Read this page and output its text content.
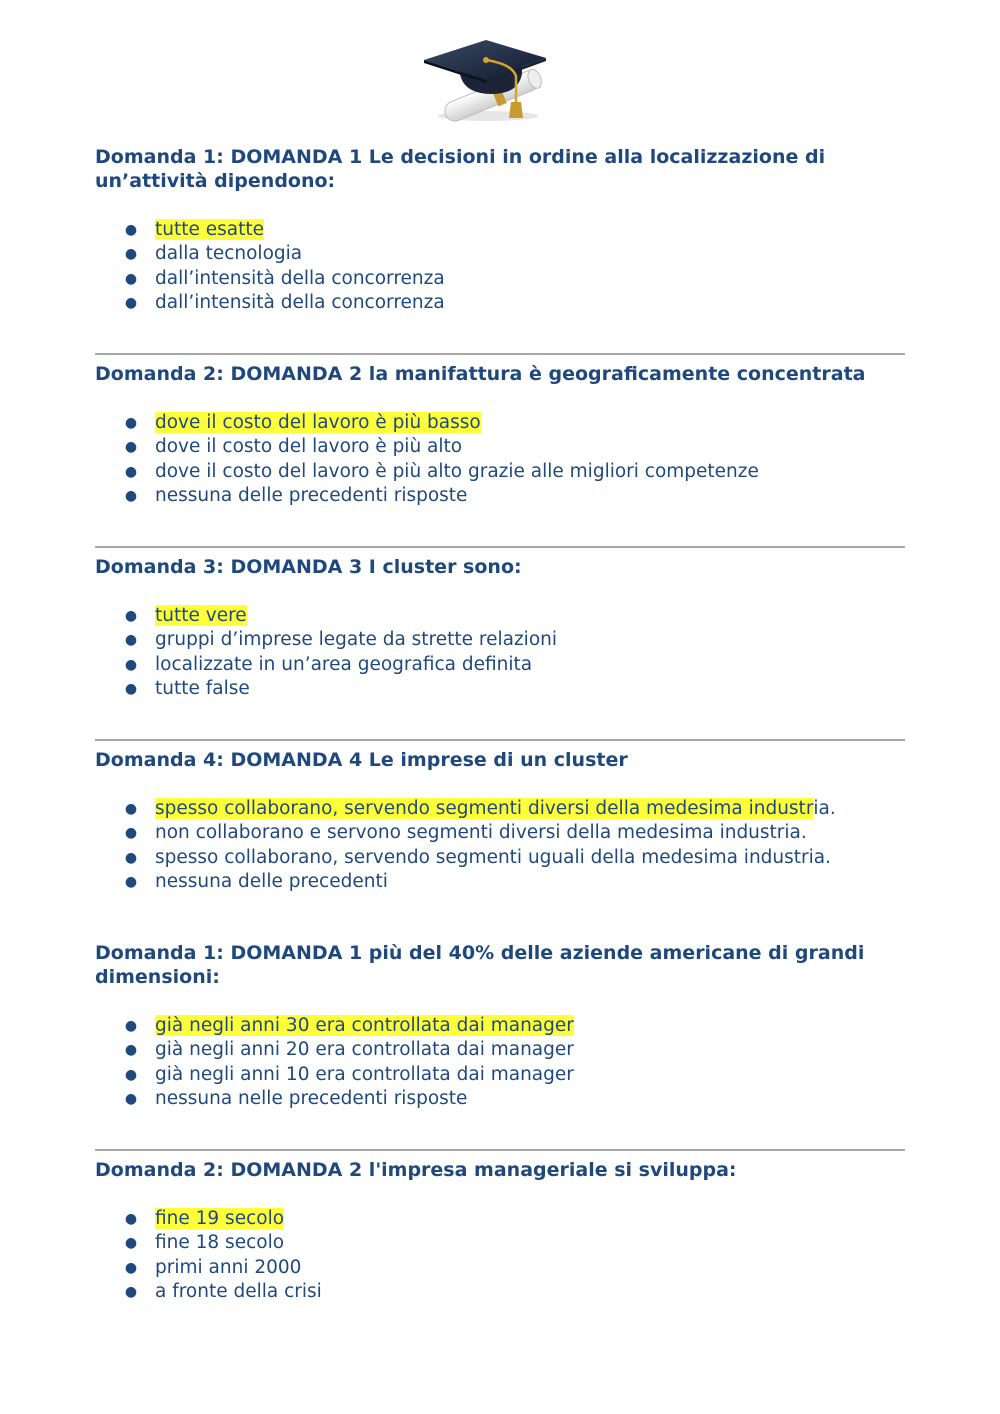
Domanda 1: DOMANDA 1 Le decisioni in ordine alla localizzazione di un’attività dipendono:
● tutte esatte
● dalla tecnologia
● dall’intensità della concorrenza
● dall’intensità della concorrenza
Domanda 2: DOMANDA 2 la manifattura è geograficamente concentrata
● dove il costo del lavoro è più basso
● dove il costo del lavoro è più alto
● dove il costo del lavoro è più alto grazie alle migliori competenze
● nessuna delle precedenti risposte
Domanda 3: DOMANDA 3 I cluster sono:
● tutte vere
● gruppi d’imprese legate da strette relazioni
● localizzate in un’area geografica definita
● tutte false
Domanda 4: DOMANDA 4 Le imprese di un cluster
● spesso collaborano, servendo segmenti diversi della medesima industria.
● non collaborano e servono segmenti diversi della medesima industria.
● spesso collaborano, servendo segmenti uguali della medesima industria.
● nessuna delle precedenti
Domanda 1: DOMANDA 1 più del 40% delle aziende americane di grandi dimensioni:
● già negli anni 30 era controllata dai manager
● già negli anni 20 era controllata dai manager
● già negli anni 10 era controllata dai manager
● nessuna nelle precedenti risposte
Domanda 2: DOMANDA 2 l'impresa manageriale si sviluppa:
● fine 19 secolo
● fine 18 secolo
● primi anni 2000
● a fronte della crisi
